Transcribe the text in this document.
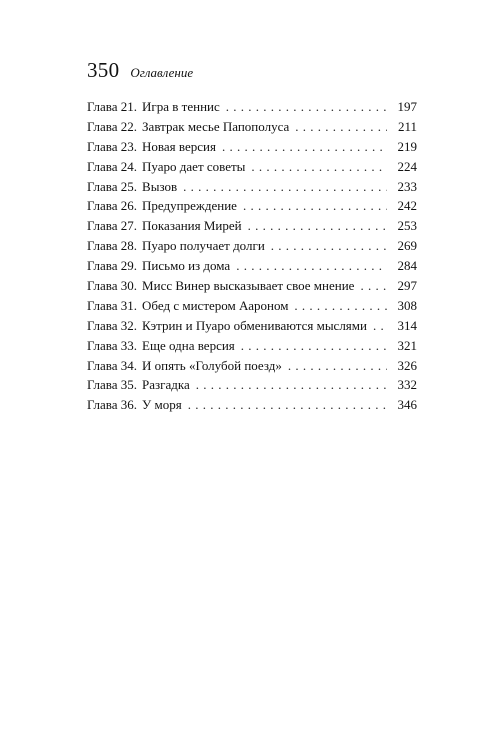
350 Оглавление
Глава 21. Игра в теннис . . .	197
Глава 22. Завтрак месье Папополуса . . .	211
Глава 23. Новая версия . . .	219
Глава 24. Пуаро дает советы . . .	224
Глава 25. Вызов . . .	233
Глава 26. Предупреждение . . .	242
Глава 27. Показания Мирей . . .	253
Глава 28. Пуаро получает долги . . .	269
Глава 29. Письмо из дома . . .	284
Глава 30. Мисс Винер высказывает свое мнение . . .	297
Глава 31. Обед с мистером Аароном . . .	308
Глава 32. Кэтрин и Пуаро обмениваются мыслями . . .	314
Глава 33. Еще одна версия . . .	321
Глава 34. И опять «Голубой поезд» . . .	326
Глава 35. Разгадка . . .	332
Глава 36. У моря . . .	346
